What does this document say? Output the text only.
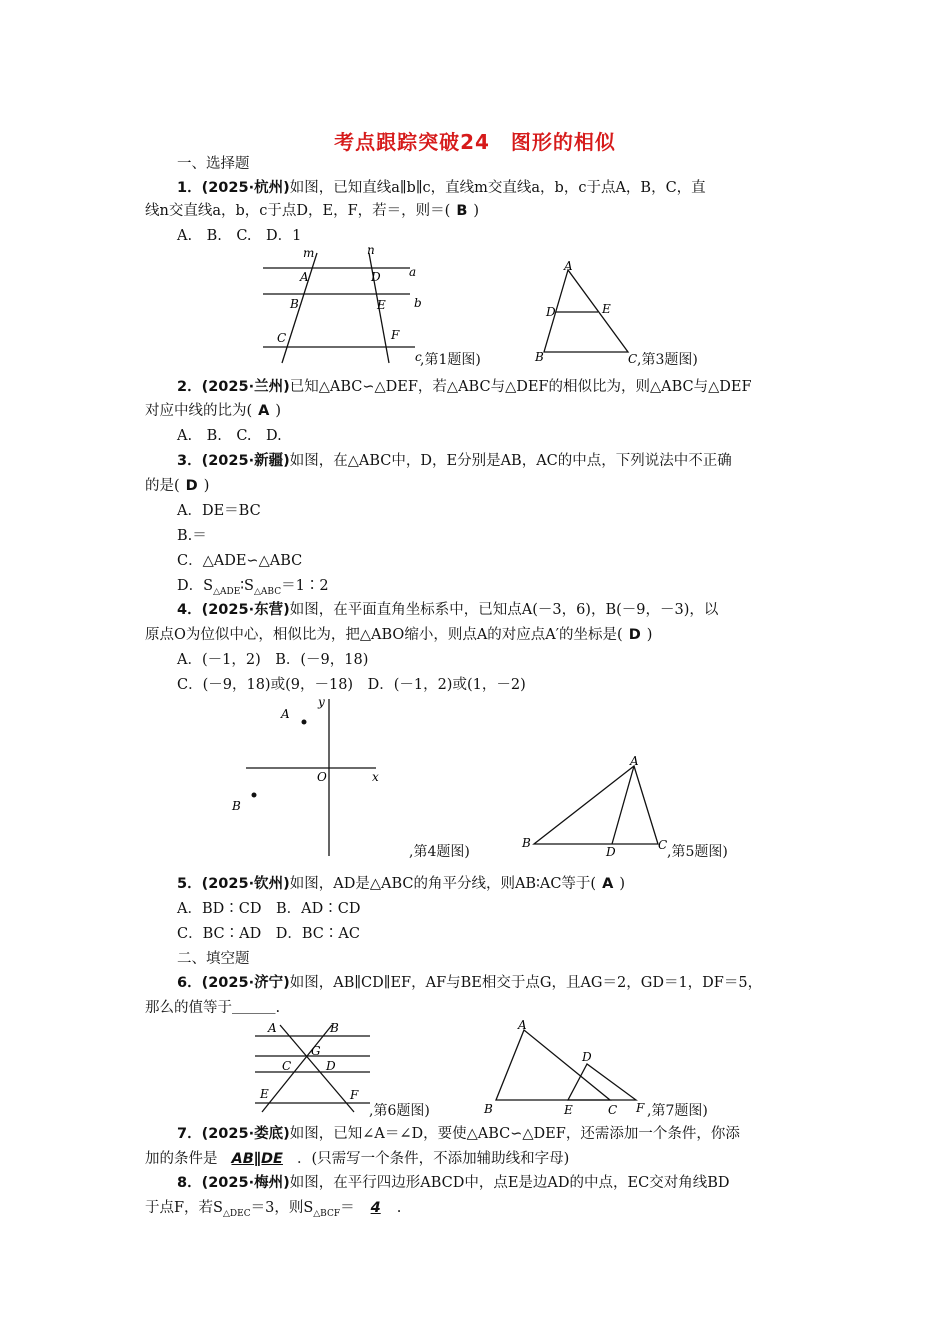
考点跟踪突破24　图形的相似
一、选择题
1．(2025·杭州)如图，已知直线a∥b∥c，直线m交直线a，b，c于点A，B，C，直
线n交直线a，b，c于点D，E，F，若＝，则＝( B )
A.　B.　C.　D．1
m	n
a
b
c
A
B
C
D
E
F
,第1题图)
A
D	E
B	C ,第3题图)
2．(2025·兰州)已知△ABC∽△DEF，若△ABC与△DEF的相似比为，则△ABC与△DEF
对应中线的比为( A )
A.　B.　C.　D.
3．(2025·新疆)如图，在△ABC中，D，E分别是AB，AC的中点，下列说法中不正确
的是( D )
A．DE＝BC
B.＝
C．△ADE∽△ABC
D．$S_{\triangle ADE}∶S_{\triangle ABC}=1∶2$
4．(2025·东营)如图，在平面直角坐标系中，已知点A(－3，6)，B(－9，－3)，以
原点O为位似中心，相似比为，把△ABO缩小，则点A的对应点A′的坐标是( D )
A．(－1，2)　B．(－9，18)
C．(－9，18)或(9，－18)　D．(－1，2)或(1，－2)
A
B
O	x
y
,第4题图)
A
B
D	C ,第5题图)
5．(2025·钦州)如图，AD是△ABC的角平分线，则AB∶AC等于( A )
A．BD∶CD　B．AD∶CD
C．BC∶AD　D．BC∶AC
二、填空题
6．(2025·济宁)如图，AB∥CD∥EF，AF与BE相交于点G，且AG＝2，GD＝1，DF＝5，
那么的值等于＿＿＿.
A	B
G
C	D
E	F
,第6题图)
A
B
D
E	C F ,第7题图)
7．(2025·娄底)如图，已知∠A＝∠D，要使△ABC∽△DEF，还需添加一个条件，你添
加的条件是 AB∥DE ．(只需写一个条件，不添加辅助线和字母)
8．(2025·梅州)如图，在平行四边形ABCD中，点E是边AD的中点，EC交对角线BD
于点F，若$S_{\triangle DEC}=3$，则$S_{\triangle BCF}= 4$ .
